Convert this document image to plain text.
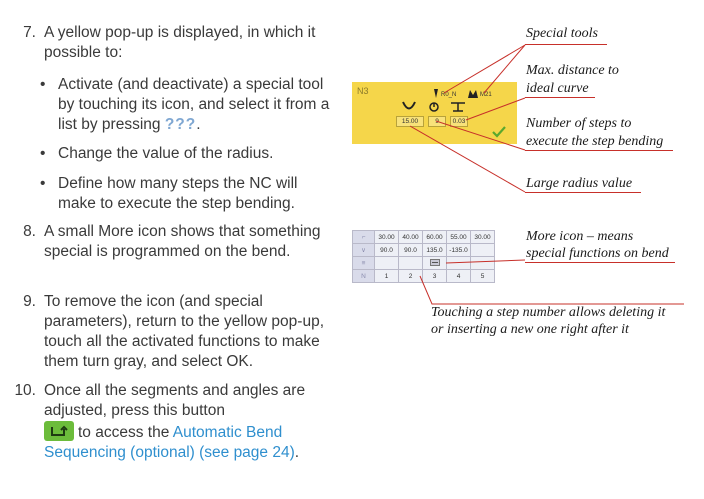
7. A yellow pop-up is displayed, in which it possible to:
• Activate (and deactivate) a special tool by touching its icon, and select it from a list by pressing ???.
• Change the value of the radius.
• Define how many steps the NC will make to execute the step bending.
8. A small More icon shows that something special is programmed on the bend.
9. To remove the icon (and special parameters), return to the yellow pop-up, touch all the activated functions to make them turn gray, and select OK.
10. Once all the segments and angles are adjusted, press this button

to access the Automatic Bend Sequencing (optional) (see page 24).
N3	R0_N	M21
15.00	9	0.03
⌐	30.00	40.00	60.00	55.00	30.00
∨	90.0	90.0	135.0	-135.0	
≡					
N	1	2	3	4	5
Special tools
Max. distance to
ideal curve
Number of steps to
execute the step bending
Large radius value
More icon – means
special functions on bend
Touching a step number allows deleting it
or inserting a new one right after it
